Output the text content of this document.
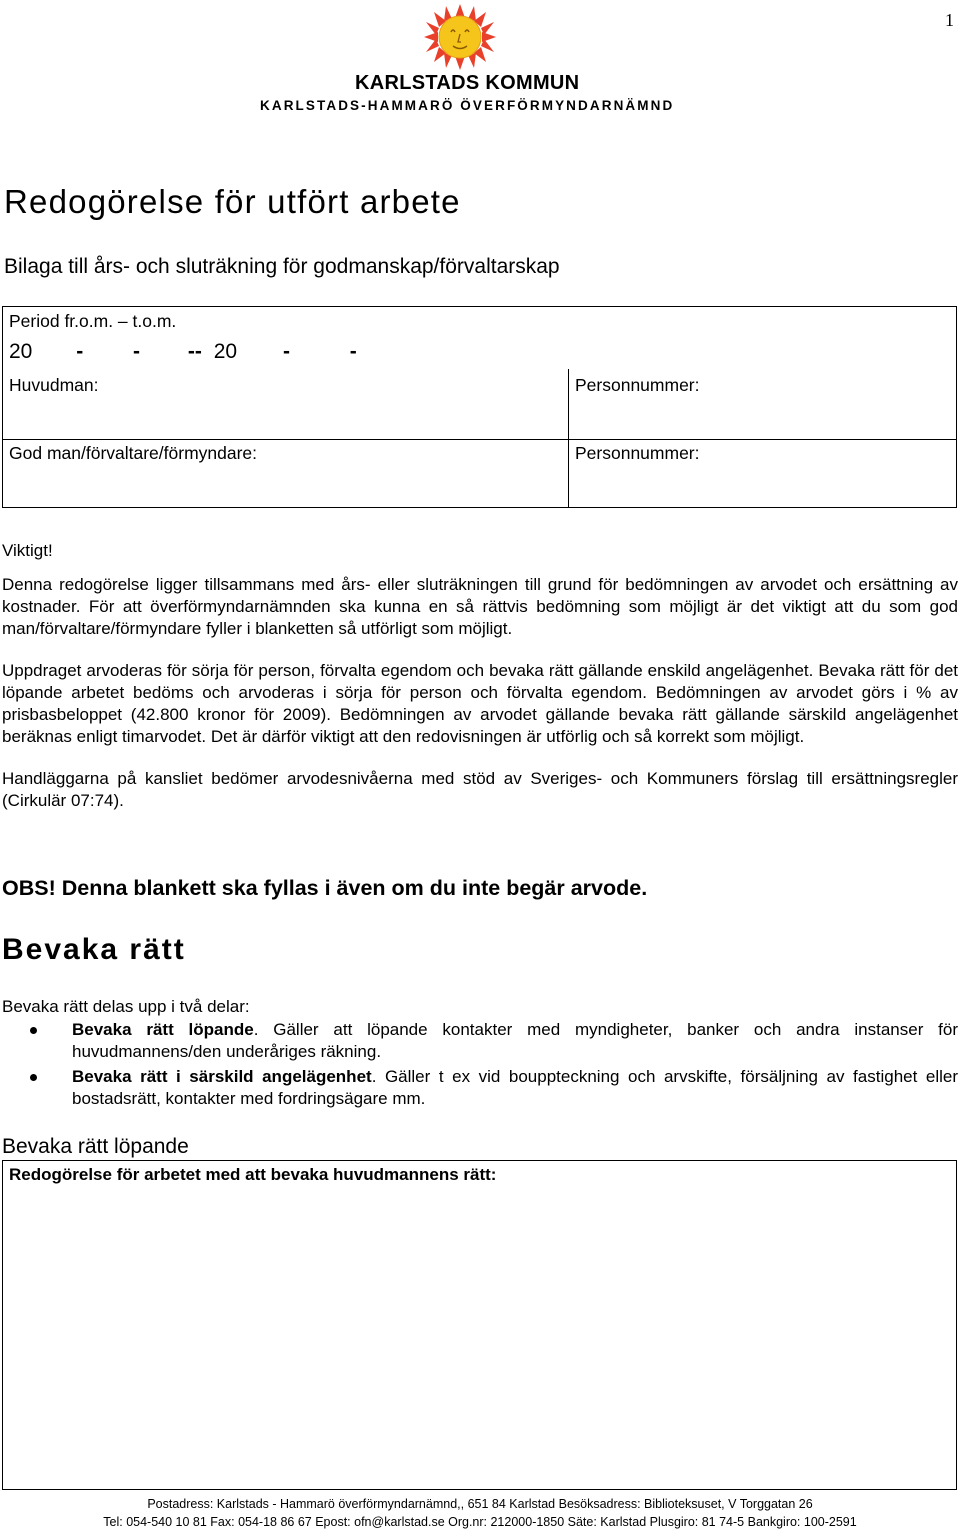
1
KARLSTADS KOMMUN
KARLSTADS-HAMMARÖ ÖVERFÖRMYNDARNÄMND
Redogörelse för utfört arbete
Bilaga till års- och sluträkning för godmanskap/förvaltarskap
Period fr.o.m. – t.o.m.
20 - - -- 20 -	-
Huvudman:	Personnummer:
God man/förvaltare/förmyndare:	Personnummer:

Viktigt!

Denna redogörelse ligger tillsammans med års- eller sluträkningen till grund för bedömningen av arvodet och ersättning av kostnader. För att överförmyndarnämnden ska kunna en så rättvis bedömning som möjligt är det viktigt att du som god man/förvaltare/förmyndare fyller i blanketten så utförligt som möjligt.

Uppdraget arvoderas för sörja för person, förvalta egendom och bevaka rätt gällande enskild angelägenhet. Bevaka rätt för det löpande arbetet bedöms och arvoderas i sörja för person och förvalta egendom. Bedömningen av arvodet görs i % av prisbasbeloppet (42.800 kronor för 2009). Bedömningen av arvodet gällande bevaka rätt gällande särskild angelägenhet beräknas enligt timarvodet. Det är därför viktigt att den redovisningen är utförlig och så korrekt som möjligt.

Handläggarna på kansliet bedömer arvodesnivåerna med stöd av Sveriges- och Kommuners förslag till ersättningsregler (Cirkulär 07:74).

OBS! Denna blankett ska fyllas i även om du inte begär arvode.
Bevaka rätt
Bevaka rätt delas upp i två delar:
Bevaka rätt löpande. Gäller att löpande kontakter med myndigheter, banker och andra instanser för huvudmannens/den underåriges räkning.
Bevaka rätt i särskild angelägenhet. Gäller t ex vid bouppteckning och arvskifte, försäljning av fastighet eller bostadsrätt, kontakter med fordringsägare mm.
Bevaka rätt löpande
Redogörelse för arbetet med att bevaka huvudmannens rätt:
Postadress: Karlstads - Hammarö överförmyndarnämnd,, 651 84 Karlstad Besöksadress: Biblioteksuset, V Torggatan 26
Tel: 054-540 10 81 Fax: 054-18 86 67 Epost: ofn@karlstad.se Org.nr: 212000-1850 Säte: Karlstad Plusgiro: 81 74-5 Bankgiro: 100-2591
